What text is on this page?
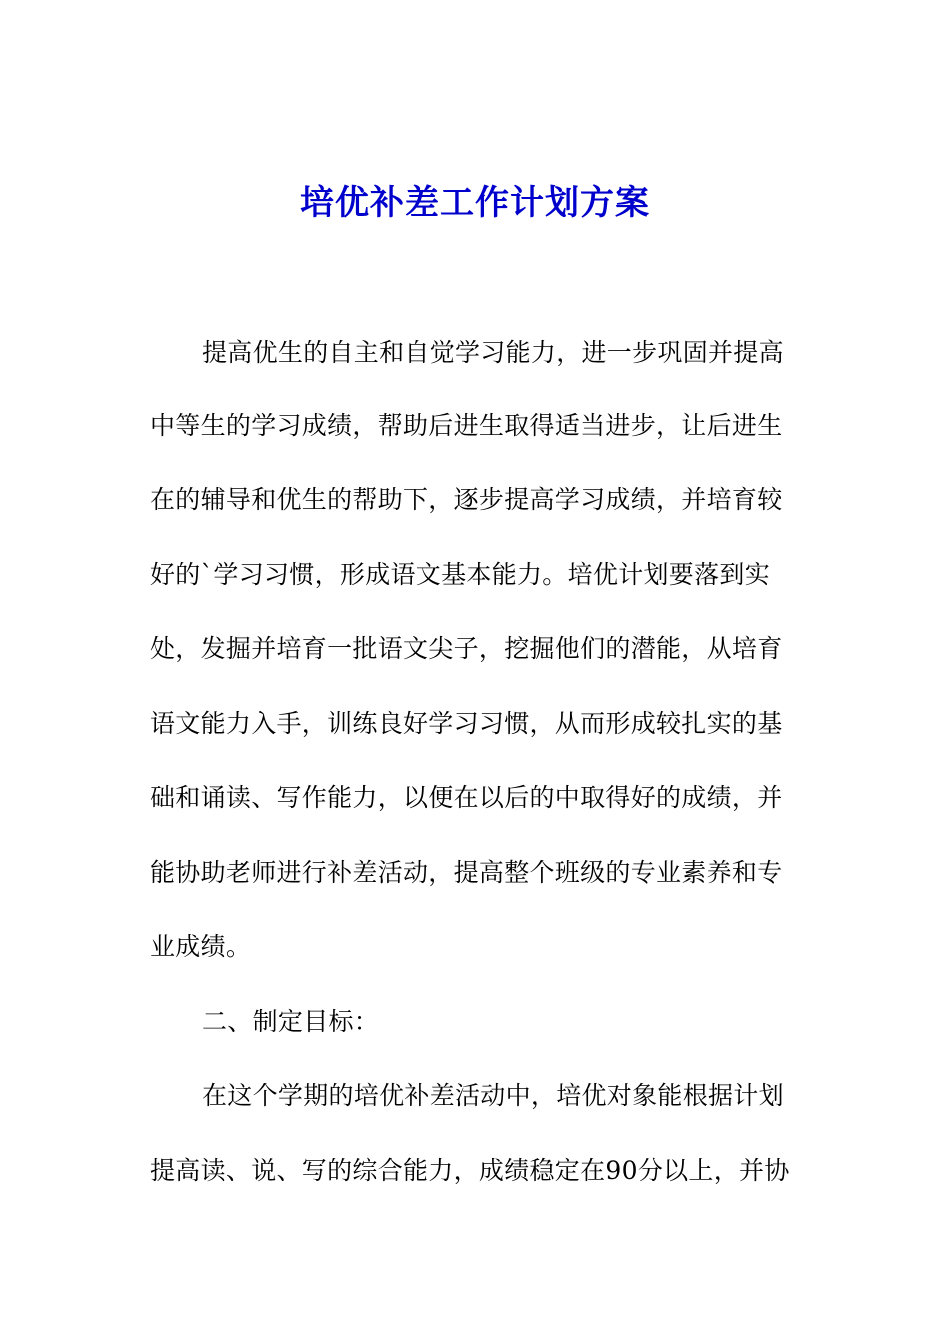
培优补差工作计划方案
提高优生的自主和自觉学习能力，进一步巩固并提高
中等生的学习成绩，帮助后进生取得适当进步，让后进生
在的辅导和优生的帮助下，逐步提高学习成绩，并培育较
好的`学习习惯，形成语文基本能力。培优计划要落到实
处，发掘并培育一批语文尖子，挖掘他们的潜能，从培育
语文能力入手，训练良好学习习惯，从而形成较扎实的基
础和诵读、写作能力，以便在以后的中取得好的成绩，并
能协助老师进行补差活动，提高整个班级的专业素养和专
业成绩。
二、制定目标：
在这个学期的培优补差活动中，培优对象能根据计划
提高读、说、写的综合能力，成绩稳定在90分以上，并协
